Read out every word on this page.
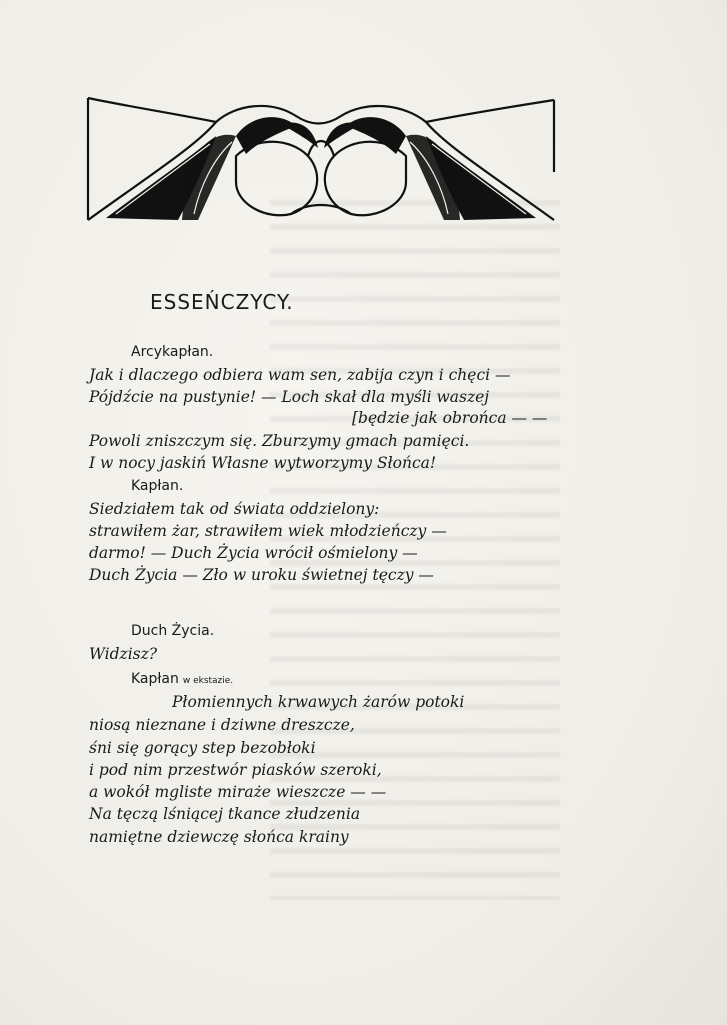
ESSEŃCZYCY.
Arcykapłan.
Jak i dlaczego odbiera wam sen, zabija czyn i chęci —
Pójdźcie na pustynie! — Loch skał dla myśli waszej
[będzie jak obrońca — —
Powoli zniszczym się. Zburzymy gmach pamięci.
I w nocy jaskiń Własne wytworzymy Słońca!
Kapłan.
Siedziałem tak od świata oddzielony:
strawiłem żar, strawiłem wiek młodzieńczy —
darmo! — Duch Życia wrócił ośmielony —
Duch Życia — Zło w uroku świetnej tęczy —
Duch Życia.
Widzisz?
Kapłan w ekstazie.
Płomiennych krwawych żarów potoki
niosą nieznane i dziwne dreszcze,
śni się gorący step bezobłoki
i pod nim przestwór piasków szeroki,
a wokół mgliste miraże wieszcze — —
Na tęczą lśniącej tkance złudzenia
namiętne dziewczę słońca krainy
